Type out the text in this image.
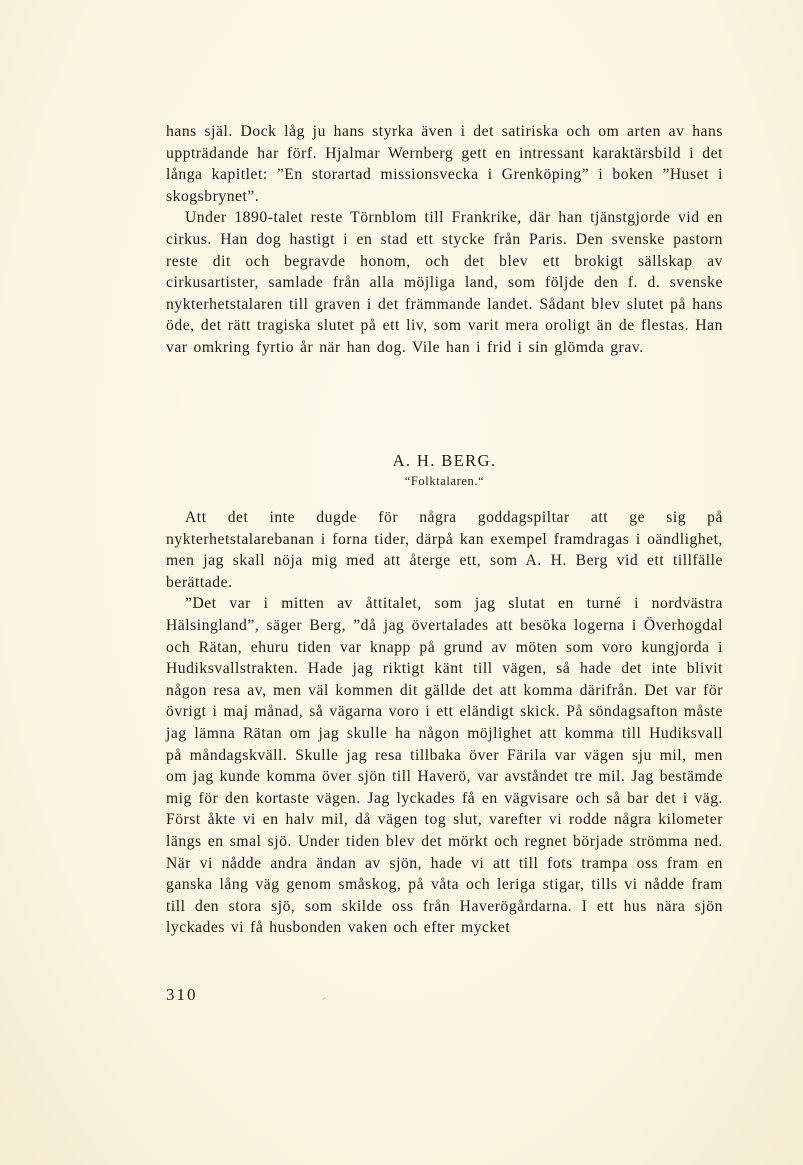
hans själ. Dock låg ju hans styrka även i det satiriska och om arten av hans uppträdande har förf. Hjalmar Wernberg gett en intressant karaktärsbild i det långa kapitlet: ”En storartad missionsvecka i Grenköping” i boken ”Huset i skogsbrynet”.

Under 1890-talet reste Törnblom till Frankrike, där han tjänstgjorde vid en cirkus. Han dog hastigt i en stad ett stycke från Paris. Den svenske pastorn reste dit och begravde honom, och det blev ett brokigt sällskap av cirkusartister, samlade från alla möjliga land, som följde den f. d. svenske nykterhetstalaren till graven i det främmande landet. Sådant blev slutet på hans öde, det rätt tragiska slutet på ett liv, som varit mera oroligt än de flestas. Han var omkring fyrtio år när han dog. Vile han i frid i sin glömda grav.

A. H. BERG.
“Folktalaren.“

Att det inte dugde för några goddagspiltar att ge sig på nykterhetstalarebanan i forna tider, därpå kan exempel framdragas i oändlighet, men jag skall nöja mig med att återge ett, som A. H. Berg vid ett tillfälle berättade.

”Det var i mitten av åttitalet, som jag slutat en turné i nordvästra Hälsingland”, säger Berg, ”då jag övertalades att besöka logerna i Överhogdal och Rätan, ehuru tiden var knapp på grund av möten som voro kungjorda i Hudiksvallstrakten. Hade jag riktigt känt till vägen, så hade det inte blivit någon resa av, men väl kommen dit gällde det att komma därifrån. Det var för övrigt i maj månad, så vägarna voro i ett eländigt skick. På söndagsafton måste jag lämna Rätan om jag skulle ha någon möjlighet att komma till Hudiksvall på måndagskväll. Skulle jag resa tillbaka över Färila var vägen sju mil, men om jag kunde komma över sjön till Haverö, var avståndet tre mil. Jag bestämde mig för den kortaste vägen. Jag lyckades få en vägvisare och så bar det i väg. Först åkte vi en halv mil, då vägen tog slut, varefter vi rodde några kilometer längs en smal sjö. Under tiden blev det mörkt och regnet började strömma ned. När vi nådde andra ändan av sjön, hade vi att till fots trampa oss fram en ganska lång väg genom småskog, på våta och leriga stigar, tills vi nådde fram till den stora sjö, som skilde oss från Haverögårdarna. I ett hus nära sjön lyckades vi få husbonden vaken och efter mycket

310
